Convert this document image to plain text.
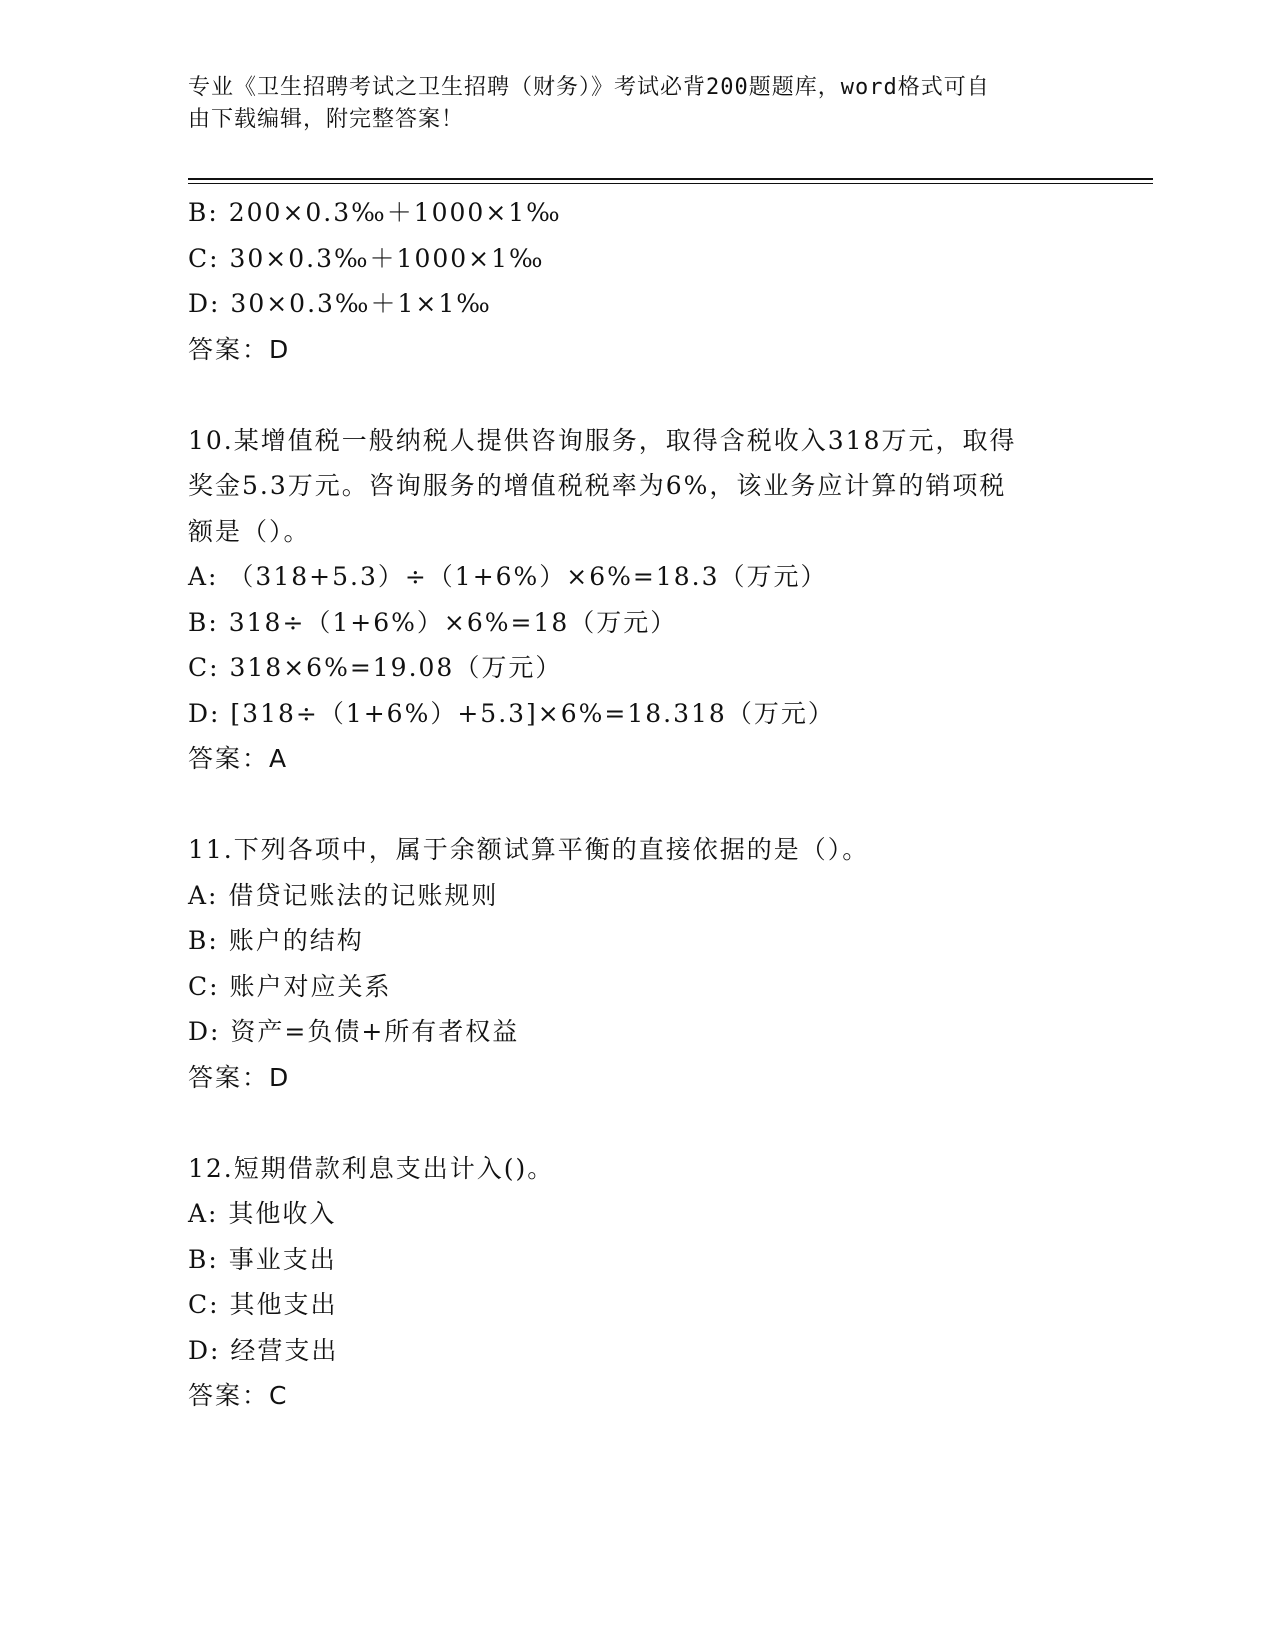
专业《卫生招聘考试之卫生招聘（财务）》考试必背200题题库，word格式可自
由下载编辑，附完整答案！
B: 200×0.3‰＋1000×1‰
C: 30×0.3‰＋1000×1‰
D: 30×0.3‰＋1×1‰
答案：D
10.某增值税一般纳税人提供咨询服务，取得含税收入318万元，取得
奖金5.3万元。咨询服务的增值税税率为6%，该业务应计算的销项税
额是（）。
A: （318+5.3）÷（1+6%）×6%=18.3（万元）
B: 318÷（1+6%）×6%=18（万元）
C: 318×6%=19.08（万元）
D: [318÷（1+6%）+5.3]×6%=18.318（万元）
答案：A
11.下列各项中，属于余额试算平衡的直接依据的是（）。
A: 借贷记账法的记账规则
B: 账户的结构
C: 账户对应关系
D: 资产=负债+所有者权益
答案：D
12.短期借款利息支出计入()。
A: 其他收入
B: 事业支出
C: 其他支出
D: 经营支出
答案：C
